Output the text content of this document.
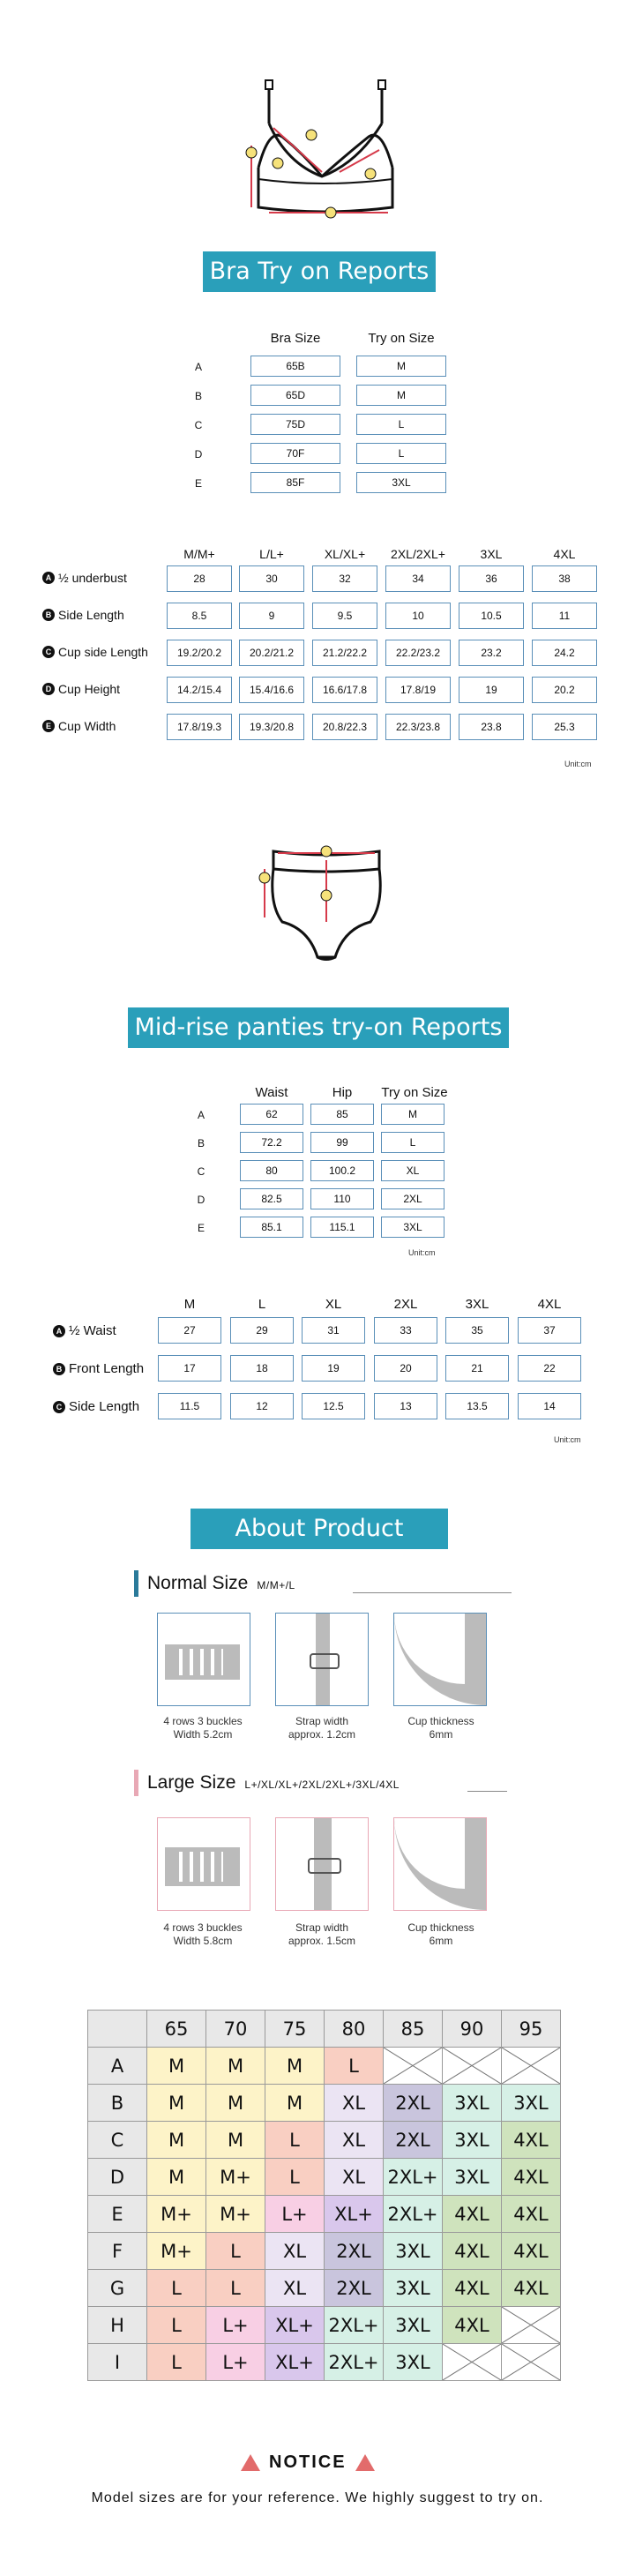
Bra Try on Reports
Bra Size	Try on Size
A	65B	M
B	65D	M
C	75D	L
D	70F	L
E	85F	3XL
M/M+	L/L+	XL/XL+	2XL/2XL+	3XL	4XL
A ½ underbust	28	30	32	34	36	38
B Side Length	8.5	9	9.5	10	10.5	11
C Cup side Length	19.2/20.2	20.2/21.2	21.2/22.2	22.2/23.2	23.2	24.2
D Cup Height	14.2/15.4	15.4/16.6	16.6/17.8	17.8/19	19	20.2
E Cup Width	17.8/19.3	19.3/20.8	20.8/22.3	22.3/23.8	23.8	25.3
Unit:cm
Mid-rise panties try-on Reports
Waist	Hip	Try on Size
A	62	85	M
B	72.2	99	L
C	80	100.2	XL
D	82.5	110	2XL
E	85.1	115.1	3XL
Unit:cm
M	L	XL	2XL	3XL	4XL
A ½ Waist	27	29	31	33	35	37
B Front Length	17	18	19	20	21	22
C Side Length	11.5	12	12.5	13	13.5	14
Unit:cm
About Product Details
Normal Size M/M+/L
4 rows 3 buckles
Width 5.2cm
Strap width
approx. 1.2cm
Cup thickness
6mm
Large Size L+/XL/XL+/2XL/2XL+/3XL/4XL
4 rows 3 buckles
Width 5.8cm
Strap width
approx. 1.5cm
Cup thickness
6mm
	65	70	75	80	85	90	95
A	M	M	M	L	

B	M	M	M	XL	2XL	3XL	3XL
C	M	M	L	XL	2XL	3XL	4XL
D	M	M+	L	XL	2XL+	3XL	4XL
E	M+	M+	L+	XL+	2XL+	4XL	4XL
F	M+	L	XL	2XL	3XL	4XL	4XL
G	L	L	XL	2XL	3XL	4XL	4XL
H	L	L+	XL+	2XL+	3XL	4XL	

I	L	L+	XL+	2XL+	3XL	

NOTICE
Model sizes are for your reference. We highly suggest to try on.
